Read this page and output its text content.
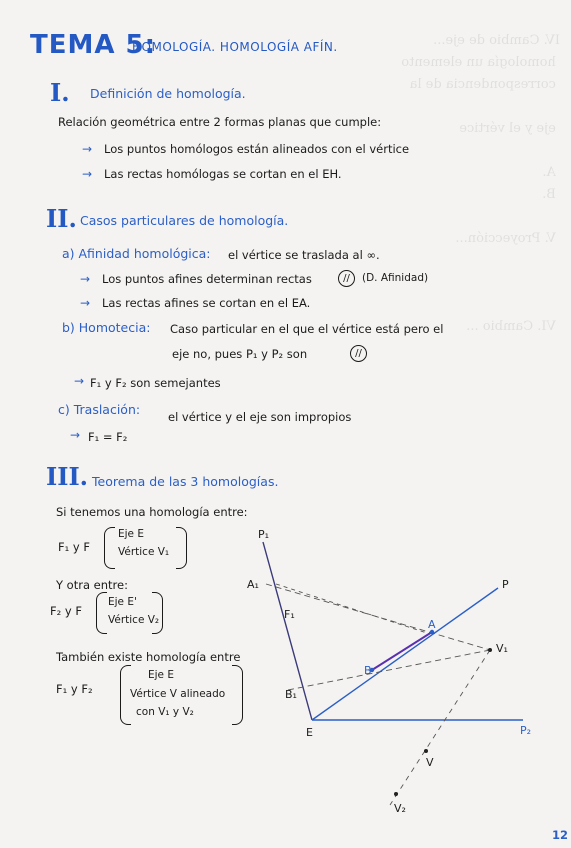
IV. Cambio de eje...
homología un elemento
correspondencia de la

eje y el vértice

A.
B.

V. Proyección...

VI. Cambio ...
TEMA 5:
HOMOLOGÍA. HOMOLOGÍA AFÍN.
I. Definición de homología.
Relación geométrica entre 2 formas planas que cumple:
→ Los puntos homólogos están alineados con el vértice
→ Las rectas homólogas se cortan en el EH.
II. Casos particulares de homología.
a) Afinidad homológica: el vértice se traslada al ∞.
→ Los puntos afines determinan rectas	//	(D. Afinidad)
→ Las rectas afines se cortan en el EA.
b) Homotecia: Caso particular en el que el vértice está pero el
eje no, pues P₁ y P₂ son	//
→ F₁ y F₂ son semejantes
c) Traslación: el vértice y el eje son impropios
→ F₁ = F₂
III. Teorema de las 3 homologías.
Si tenemos una homología entre:
F₁ y F
Eje E
Vértice V₁
Y otra entre:
F₂ y F
Eje E'
Vértice V₂
También existe homología entre
F₁ y F₂
Eje E
Vértice V alineado
con V₁ y V₂
P₁
A₁
F₁
B₁
E
P
P₂
A
B
V₁
V
V₂
12
